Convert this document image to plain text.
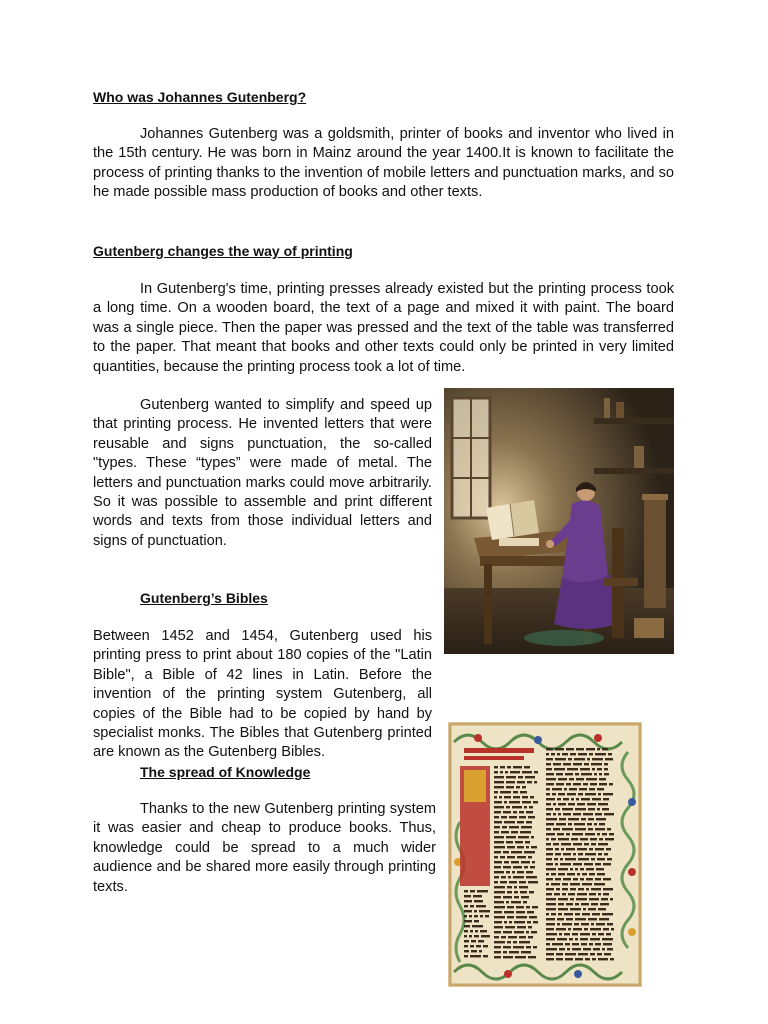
Who was Johannes Gutenberg?

Johannes Gutenberg was a goldsmith, printer of books and inventor who lived in the 15th century. He was born in Mainz around the year 1400.It is known to facilitate the process of printing thanks to the invention of mobile letters and punctuation marks, and so he made possible mass production of books and other texts.

Gutenberg changes the way of printing

In Gutenberg's time, printing presses already existed but the printing process took a long time. On a wooden board, the text of a page and mixed it with paint. The board was a single piece. Then the paper was pressed and the text of the table was transferred to the paper. That meant that books and other texts could only be printed in very limited quantities, because the printing process took a lot of time.

Gutenberg wanted to simplify and speed up that printing process. He invented letters that were reusable and signs punctuation, the so-called "types. These “types” were made of metal. The letters and punctuation marks could move arbitrarily. So it was possible to assemble and print different words and texts from those individual letters and signs of punctuation.

Gutenberg’s Bibles

Between 1452 and 1454, Gutenberg used his printing press to print about 180 copies of the "Latin Bible", a Bible of 42 lines in Latin. Before the invention of the printing system Gutenberg, all copies of the Bible had to be copied by hand by specialist monks. The Bibles that Gutenberg printed are known as the Gutenberg Bibles.

The spread of Knowledge

Thanks to the new Gutenberg printing system it was easier and cheap to produce books. Thus, knowledge could be spread to a much wider audience and be shared more easily through printing texts.
